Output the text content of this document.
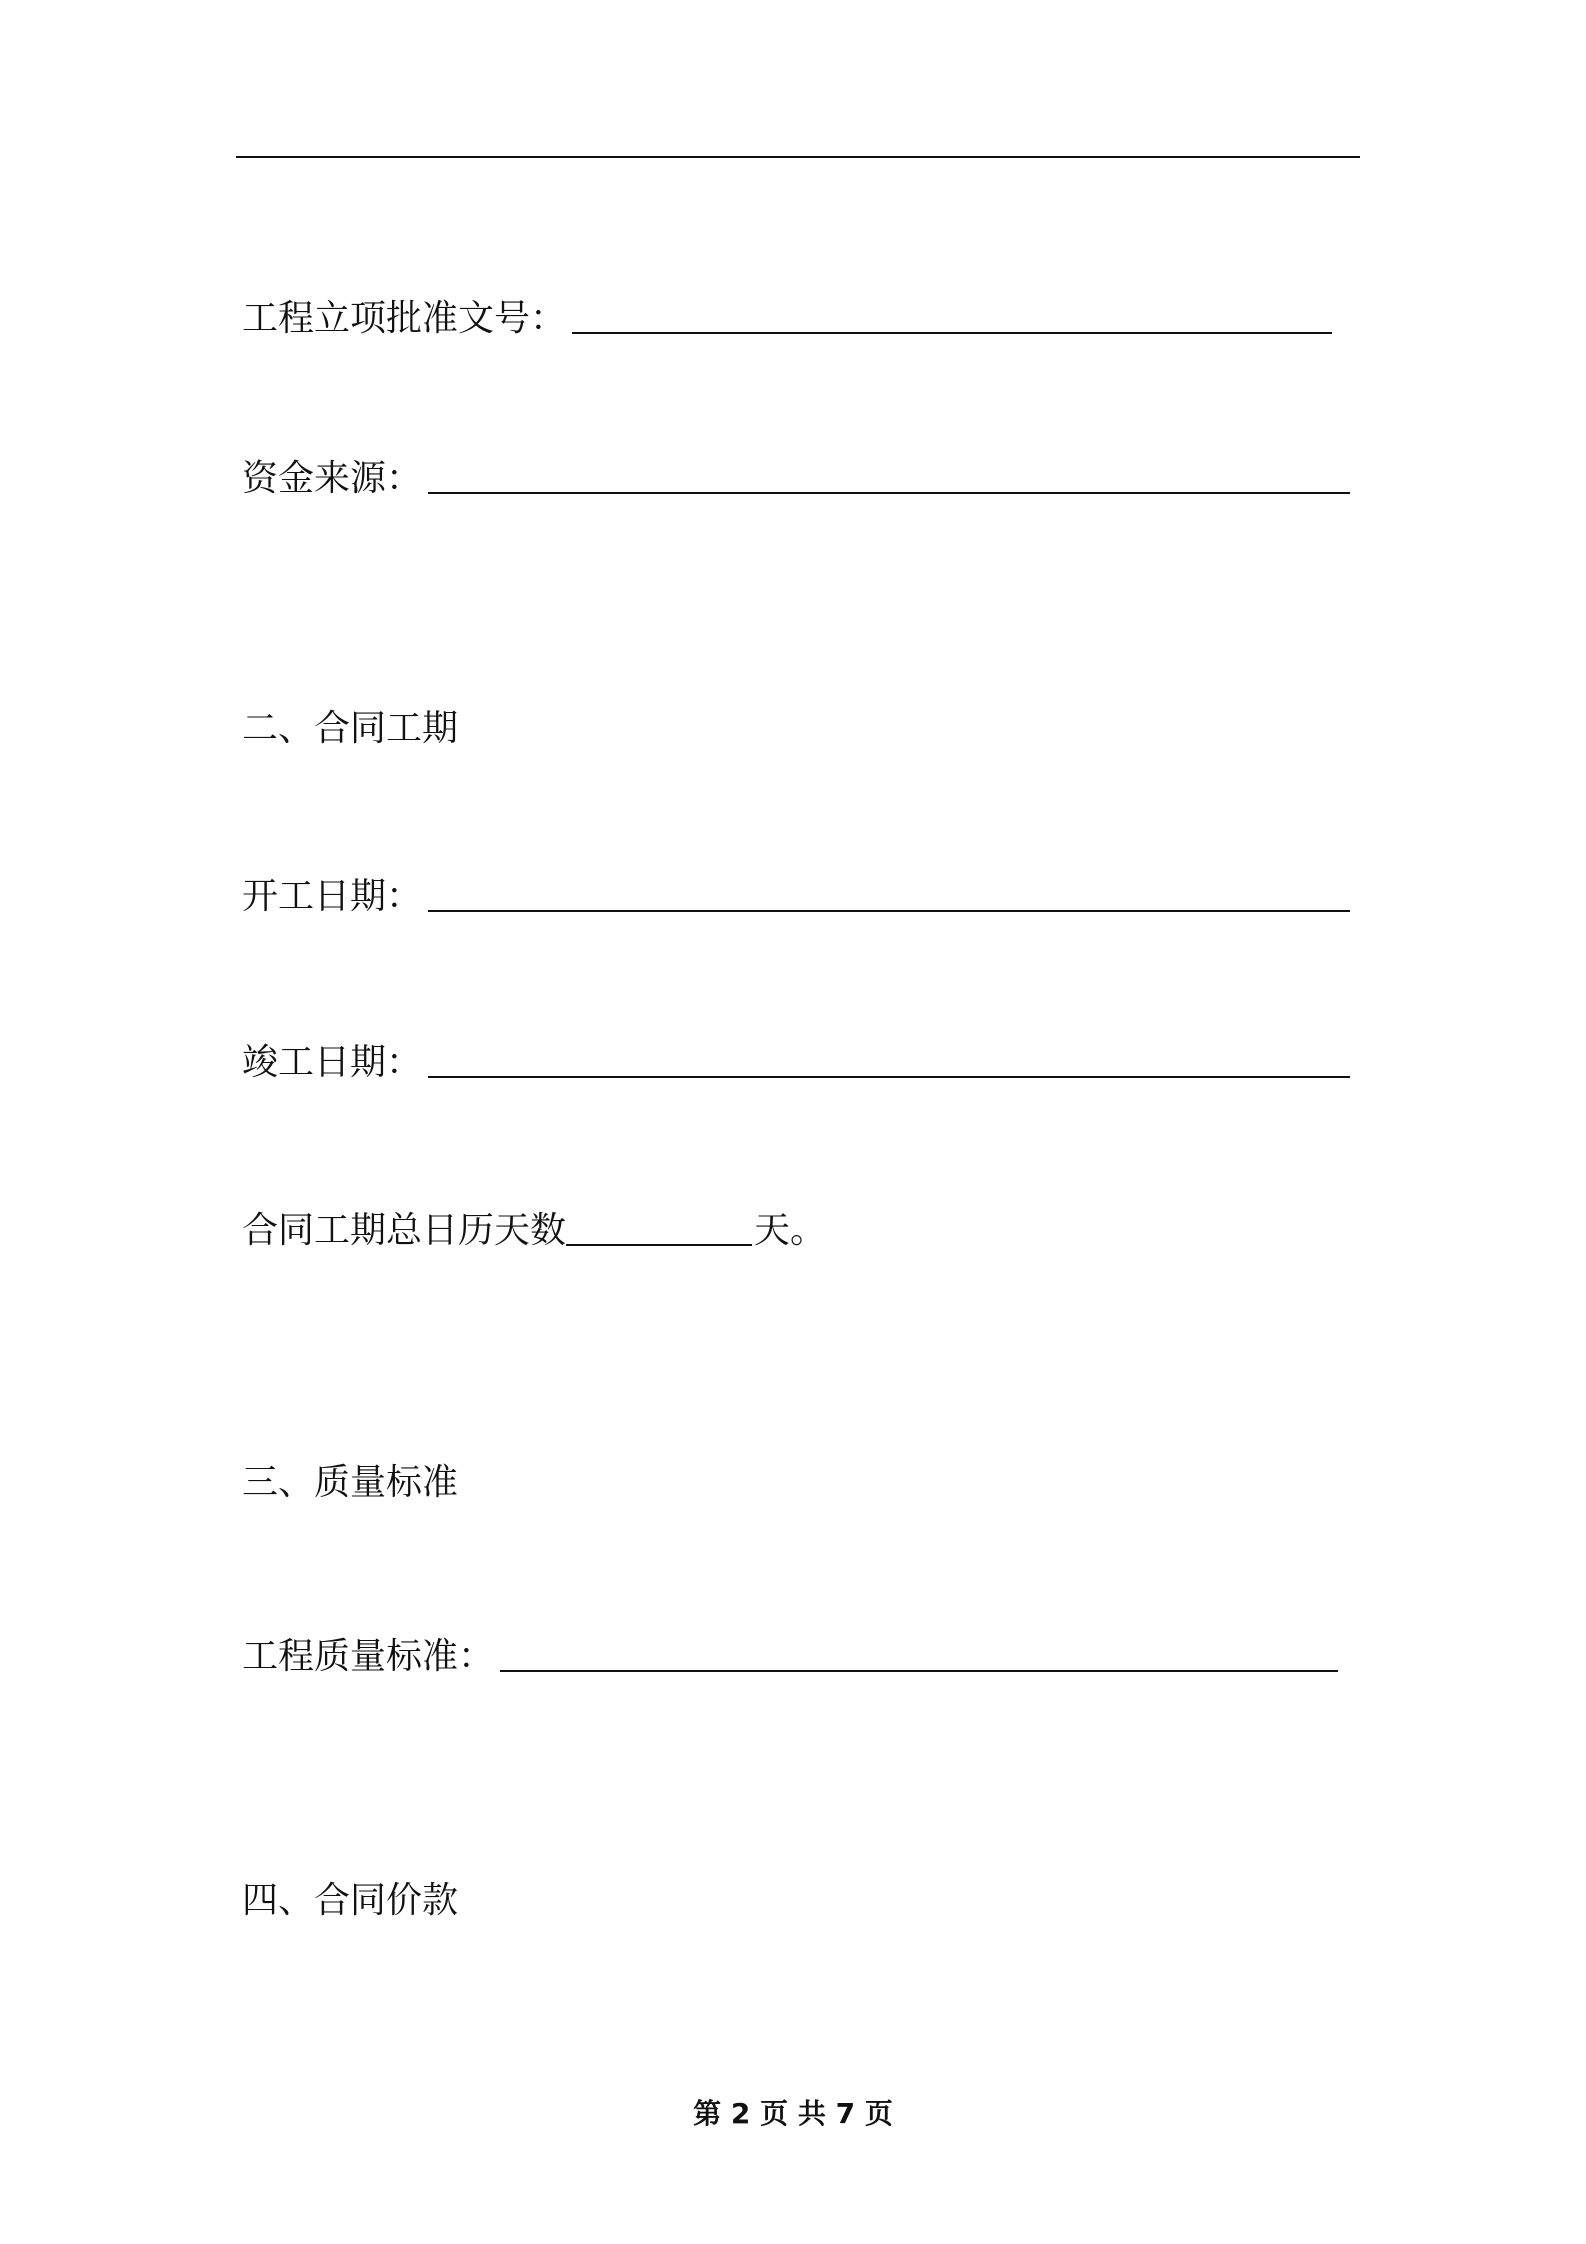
工程立项批准文号：
资金来源：
二、合同工期
开工日期：
竣工日期：
合同工期总日历天数	天。
三、质量标准
工程质量标准：
四、合同价款
第 2 页 共 7 页
